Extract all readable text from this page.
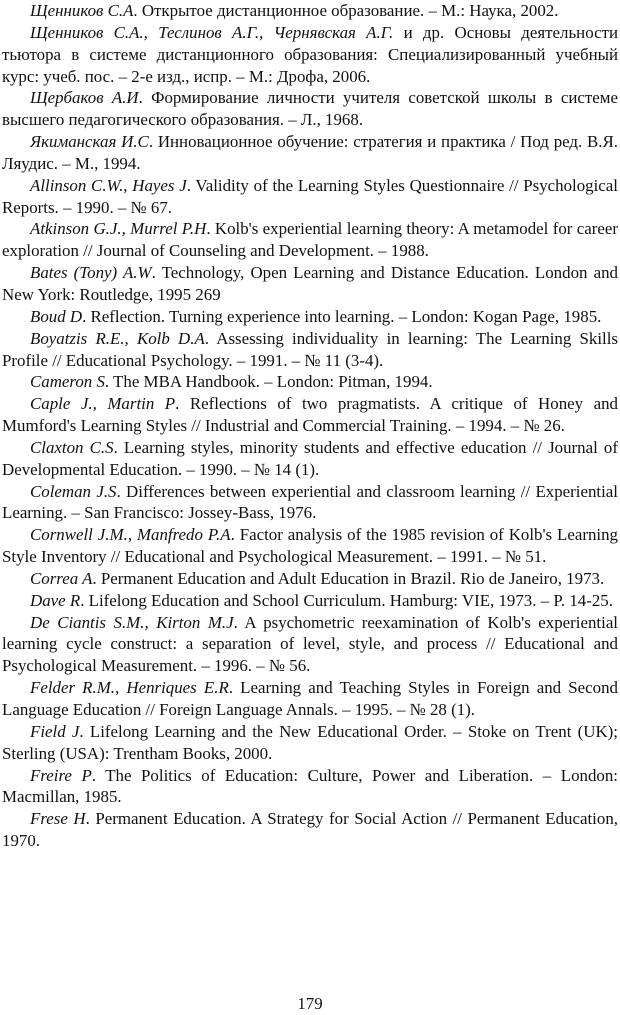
Щенников С.А. Открытое дистанционное образование. – М.: Наука, 2002.

Щенников С.А., Теслинов А.Г., Чернявская А.Г. и др. Основы деятельности тьютора в системе дистанционного образования: Специализированный учебный курс: учеб. пос. – 2-е изд., испр. – М.: Дрофа, 2006.

Щербаков А.И. Формирование личности учителя советской школы в системе высшего педагогического образования. – Л., 1968.

Якиманская И.С. Инновационное обучение: стратегия и практика / Под ред. В.Я. Ляудис. – М., 1994.

Allinson C.W., Hayes J. Validity of the Learning Styles Questionnaire // Psychological Reports. – 1990. – № 67.

Atkinson G.J., Murrel P.H. Kolb's experiential learning theory: A metamodel for career exploration // Journal of Counseling and Development. – 1988.

Bates (Tony) A.W. Technology, Open Learning and Distance Education. London and New York: Routledge, 1995 269

Boud D. Reflection. Turning experience into learning. – London: Kogan Page, 1985.

Boyatzis R.E., Kolb D.A. Assessing individuality in learning: The Learning Skills Profile // Educational Psychology. – 1991. – № 11 (3-4).

Cameron S. The MBA Handbook. – London: Pitman, 1994.

Caple J., Martin P. Reflections of two pragmatists. A critique of Honey and Mumford's Learning Styles // Industrial and Commercial Training. – 1994. – № 26.

Claxton C.S. Learning styles, minority students and effective education // Journal of Developmental Education. – 1990. – № 14 (1).

Coleman J.S. Differences between experiential and classroom learning // Experiential Learning. – San Francisco: Jossey-Bass, 1976.

Cornwell J.M., Manfredo P.A. Factor analysis of the 1985 revision of Kolb's Learning Style Inventory // Educational and Psychological Measurement. – 1991. – № 51.

Correa A. Permanent Education and Adult Education in Brazil. Rio de Janeiro, 1973.

Dave R. Lifelong Education and School Curriculum. Hamburg: VIE, 1973. – P. 14-25.

De Ciantis S.M., Kirton M.J. A psychometric reexamination of Kolb's experiential learning cycle construct: a separation of level, style, and process // Educational and Psychological Measurement. – 1996. – № 56.

Felder R.M., Henriques E.R. Learning and Teaching Styles in Foreign and Second Language Education // Foreign Language Annals. – 1995. – № 28 (1).

Field J. Lifelong Learning and the New Educational Order. – Stoke on Trent (UK); Sterling (USA): Trentham Books, 2000.

Freire P. The Politics of Education: Culture, Power and Liberation. – London: Macmillan, 1985.

Frese H. Permanent Education. A Strategy for Social Action // Permanent Education, 1970.

179
